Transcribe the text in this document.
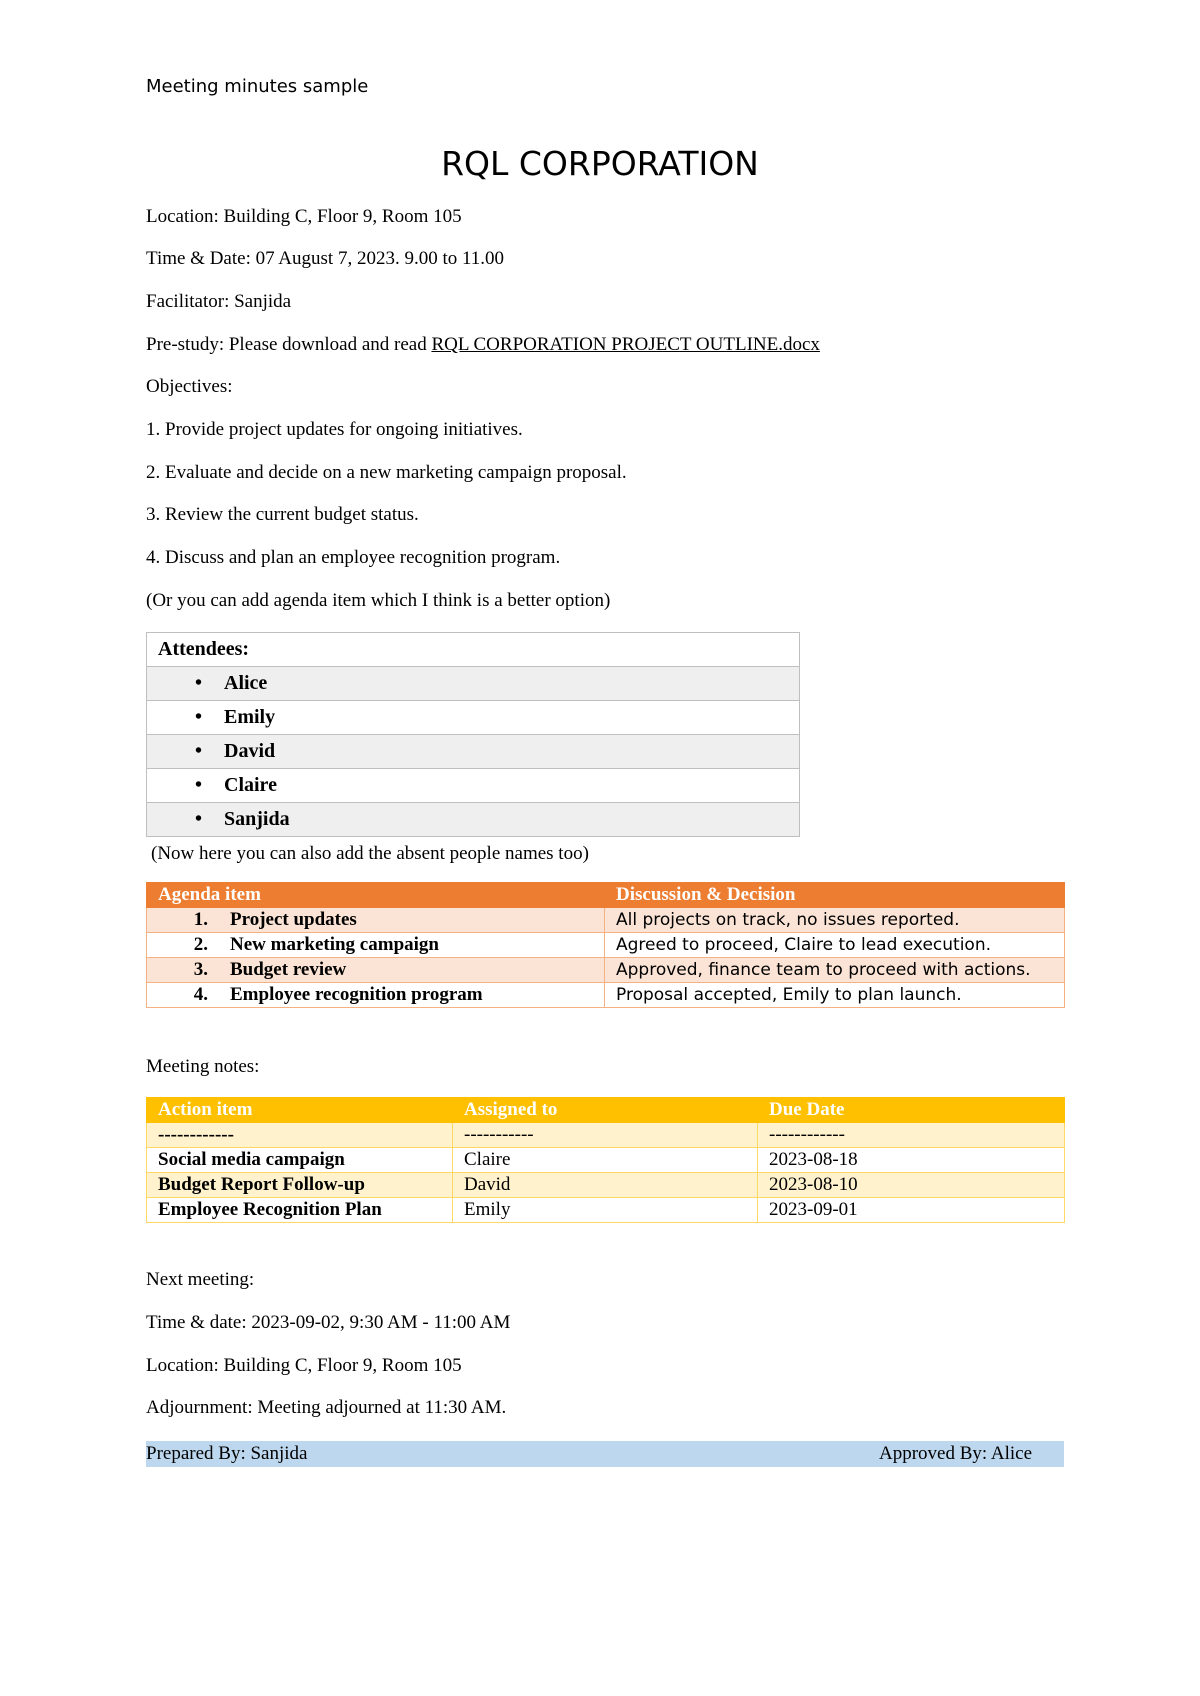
Meeting minutes sample
RQL CORPORATION
Location: Building C, Floor 9, Room 105
Time & Date: 07 August 7, 2023. 9.00 to 11.00
Facilitator: Sanjida
Pre-study: Please download and read RQL CORPORATION PROJECT OUTLINE.docx
Objectives:
1. Provide project updates for ongoing initiatives.
2. Evaluate and decide on a new marketing campaign proposal.
3. Review the current budget status.
4. Discuss and plan an employee recognition program.
(Or you can add agenda item which I think is a better option)
Attendees:
• Alice
• Emily
• David
• Claire
• Sanjida
(Now here you can also add the absent people names too)
Agenda item	Discussion & Decision
1. Project updates	All projects on track, no issues reported.
2. New marketing campaign	Agreed to proceed, Claire to lead execution.
3. Budget review	Approved, finance team to proceed with actions.
4. Employee recognition program	Proposal accepted, Emily to plan launch.
Meeting notes:
Action item	Assigned to	Due Date
------------	-----------	------------
Social media campaign	Claire	2023-08-18
Budget Report Follow-up	David	2023-08-10
Employee Recognition Plan	Emily	2023-09-01
Next meeting:
Time & date: 2023-09-02, 9:30 AM - 11:00 AM
Location: Building C, Floor 9, Room 105
Adjournment: Meeting adjourned at 11:30 AM.
Prepared By: Sanjida	Approved By: Alice
